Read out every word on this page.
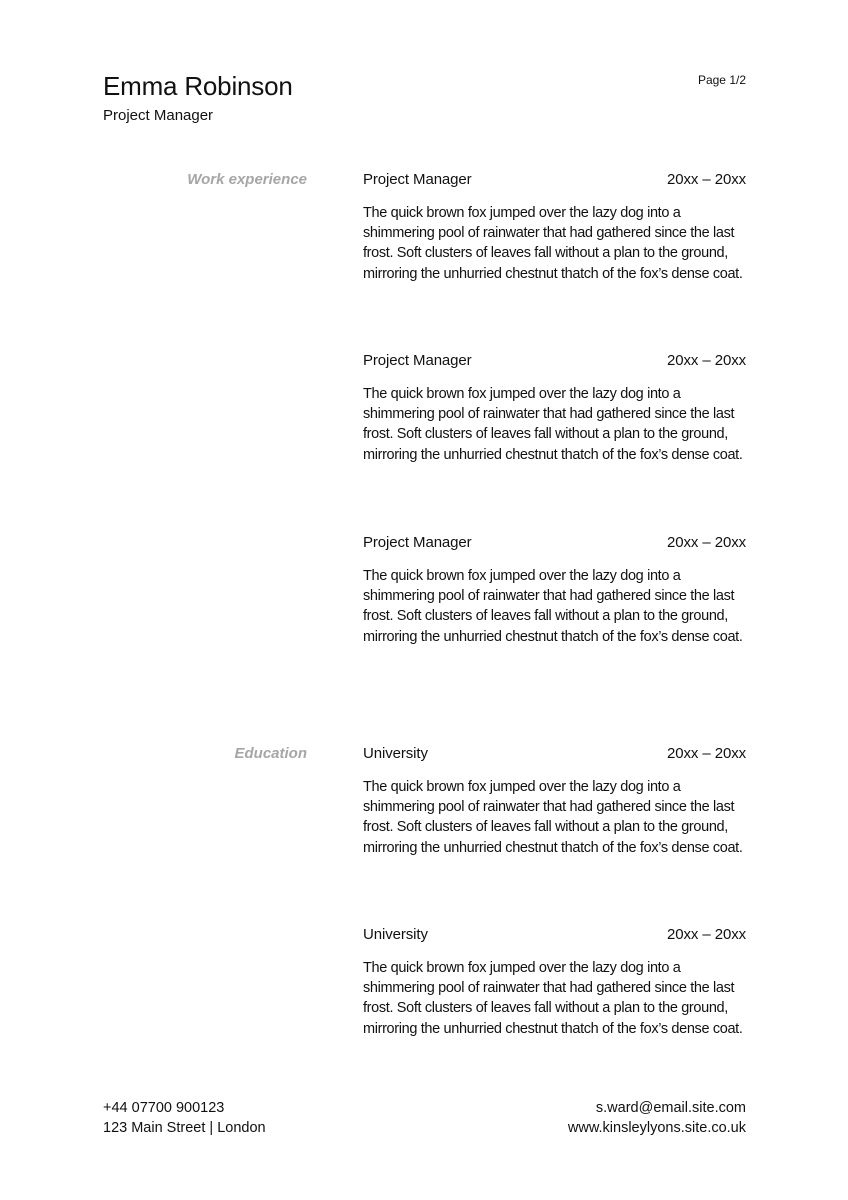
Emma Robinson
Project Manager
Page 1/2
Work experience	Project Manager	20xx – 20xx
The quick brown fox jumped over the lazy dog into a shimmering pool of rainwater that had gathered since the last frost. Soft clusters of leaves fall without a plan to the ground, mirroring the unhurried chestnut thatch of the fox’s dense coat.
Project Manager	20xx – 20xx
The quick brown fox jumped over the lazy dog into a shimmering pool of rainwater that had gathered since the last frost. Soft clusters of leaves fall without a plan to the ground, mirroring the unhurried chestnut thatch of the fox’s dense coat.
Project Manager	20xx – 20xx
The quick brown fox jumped over the lazy dog into a shimmering pool of rainwater that had gathered since the last frost. Soft clusters of leaves fall without a plan to the ground, mirroring the unhurried chestnut thatch of the fox’s dense coat.
Education	University	20xx – 20xx
The quick brown fox jumped over the lazy dog into a shimmering pool of rainwater that had gathered since the last frost. Soft clusters of leaves fall without a plan to the ground, mirroring the unhurried chestnut thatch of the fox’s dense coat.
University	20xx – 20xx
The quick brown fox jumped over the lazy dog into a shimmering pool of rainwater that had gathered since the last frost. Soft clusters of leaves fall without a plan to the ground, mirroring the unhurried chestnut thatch of the fox’s dense coat.
+44 07700 900123
123 Main Street | London
s.ward@email.site.com
www.kinsleylyons.site.co.uk
